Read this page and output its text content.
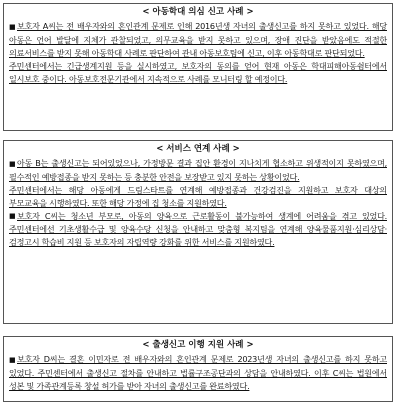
< 아동학대 의심 신고 사례 >

■ 보호자 A씨는 전 배우자와의 혼인관계 문제로 인해 2016년생 자녀의 출생신고를 하지 못하고 있었다. 해당 아동은 언어 발달에 지체가 관찰되었고, 의무교육을 받지 못하고 있으며, 장애 진단을 받았음에도 적절한 의료서비스를 받지 못해 아동학대 사례로 판단하여 관내 아동보호팀에 신고, 이후 아동학대로 판단되었다.

주민센터에서는 긴급생계지원 등을 실시하였고, 보호자의 동의를 얻어 현재 아동은 학대피해아동쉼터에서 일시보호 중이다. 아동보호전문기관에서 지속적으로 사례를 모니터링 할 예정이다.

< 서비스 연계 사례 >

■ 아동 B는 출생신고는 되어있었으나, 가정방문 결과 집안 환경이 지나치게 협소하고 위생적이지 못하였으며, 필수적인 예방접종을 받지 못하는 등 충분한 안전을 보장받고 있지 못하는 상황이었다.

주민센터에서는 해당 아동에게 드림스타트를 연계해 예방접종과 건강검진을 지원하고 보호자 대상의 부모교육을 시행하였다. 또한 해당 가정에 집 청소를 지원하였다.

■ 보호자 C씨는 청소년 부모로, 아동의 양육으로 근로활동이 불가능하여 생계에 어려움을 겪고 있었다. 주민센터에선 기초생활수급 및 양육수당 신청을 안내하고 맞춤형 복지팀을 연계해 양육물품지원·심리상담·검정고시 학습비 지원 등 보호자의 자립역량 강화를 위한 서비스를 지원하였다.

< 출생신고 이행 지원 사례 >

■ 보호자 D씨는 결혼 이민자로 전 배우자와의 혼인관계 문제로 2023년생 자녀의 출생신고를 하지 못하고 있었다. 주민센터에서 출생신고 절차를 안내하고 법률구조공단과의 상담을 안내하였다. 이후 C씨는 법원에서 성본 및 가족관계등록 창설 허가를 받아 자녀의 출생신고를 완료하였다.
